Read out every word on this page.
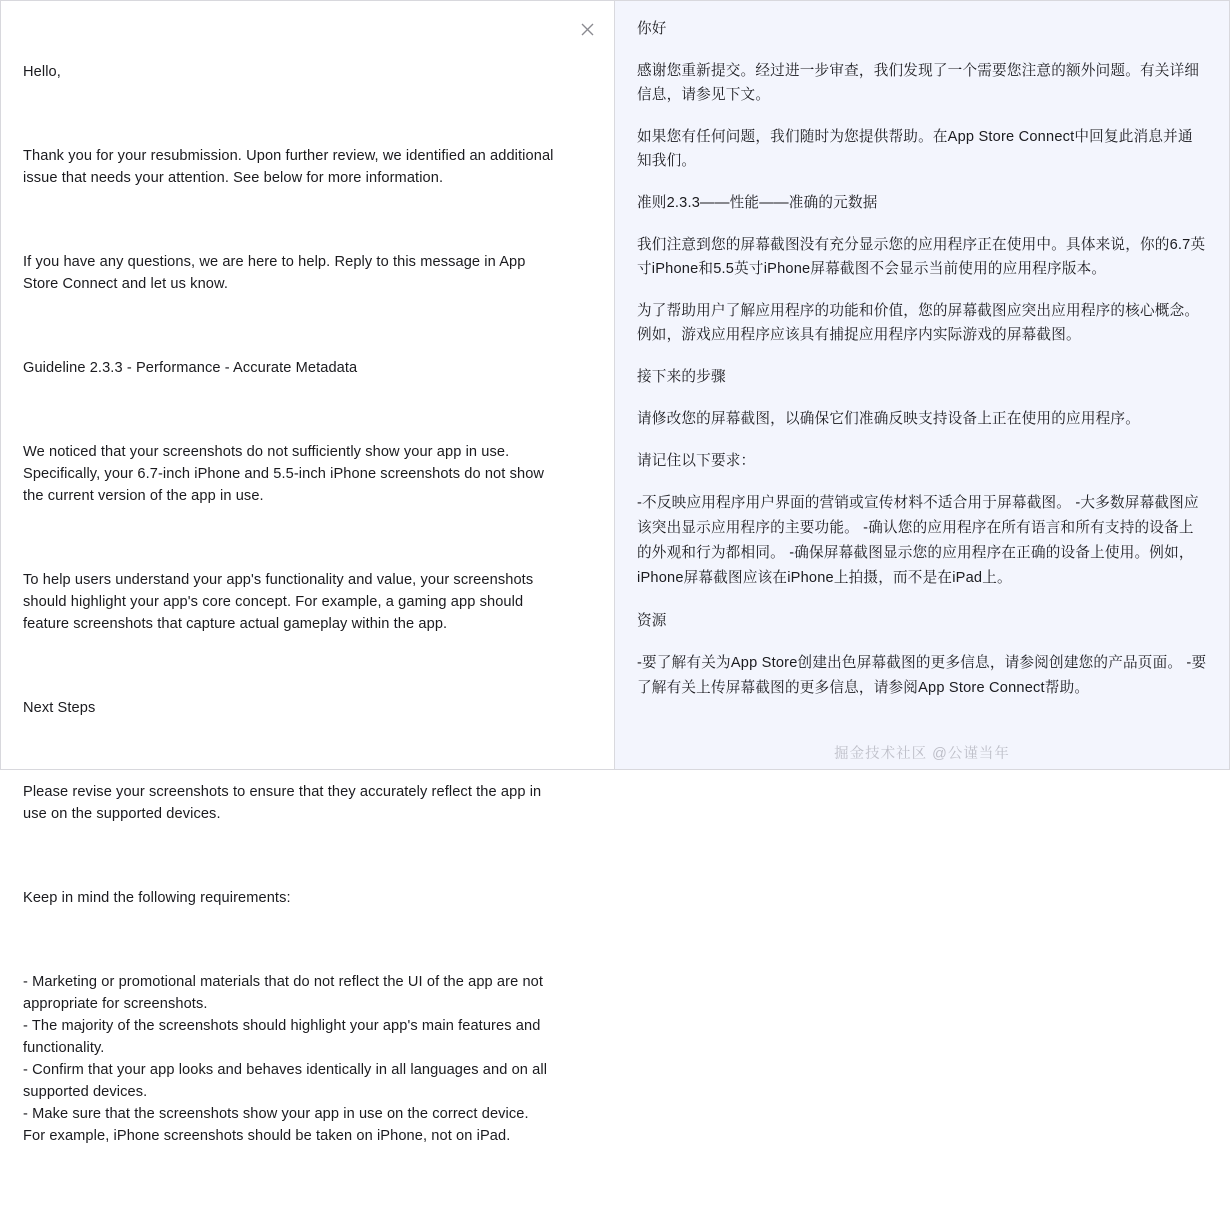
Hello,

Thank you for your resubmission. Upon further review, we identified an additional issue that needs your attention. See below for more information.

If you have any questions, we are here to help. Reply to this message in App Store Connect and let us know.

Guideline 2.3.3 - Performance - Accurate Metadata

We noticed that your screenshots do not sufficiently show your app in use. Specifically, your 6.7-inch iPhone and 5.5-inch iPhone screenshots do not show the current version of the app in use.

To help users understand your app's functionality and value, your screenshots should highlight your app's core concept. For example, a gaming app should feature screenshots that capture actual gameplay within the app.

Next Steps

Please revise your screenshots to ensure that they accurately reflect the app in use on the supported devices.

Keep in mind the following requirements:

- Marketing or promotional materials that do not reflect the UI of the app are not appropriate for screenshots.
- The majority of the screenshots should highlight your app's main features and functionality.
- Confirm that your app looks and behaves identically in all languages and on all supported devices.
- Make sure that the screenshots show your app in use on the correct device. For example, iPhone screenshots should be taken on iPhone, not on iPad.

你好

感谢您重新提交。经过进一步审查，我们发现了一个需要您注意的额外问题。有关详细信息，请参见下文。

如果您有任何问题，我们随时为您提供帮助。在App Store Connect中回复此消息并通知我们。

准则2.3.3——性能——准确的元数据

我们注意到您的屏幕截图没有充分显示您的应用程序正在使用中。具体来说，你的6.7英寸iPhone和5.5英寸iPhone屏幕截图不会显示当前使用的应用程序版本。

为了帮助用户了解应用程序的功能和价值，您的屏幕截图应突出应用程序的核心概念。例如，游戏应用程序应该具有捕捉应用程序内实际游戏的屏幕截图。

接下来的步骤

请修改您的屏幕截图，以确保它们准确反映支持设备上正在使用的应用程序。

请记住以下要求：

-不反映应用程序用户界面的营销或宣传材料不适合用于屏幕截图。 -大多数屏幕截图应该突出显示应用程序的主要功能。 -确认您的应用程序在所有语言和所有支持的设备上的外观和行为都相同。 -确保屏幕截图显示您的应用程序在正确的设备上使用。例如，iPhone屏幕截图应该在iPhone上拍摄，而不是在iPad上。

资源

-要了解有关为App Store创建出色屏幕截图的更多信息，请参阅创建您的产品页面。 -要了解有关上传屏幕截图的更多信息，请参阅App Store Connect帮助。

掘金技术社区 @公谨当年
